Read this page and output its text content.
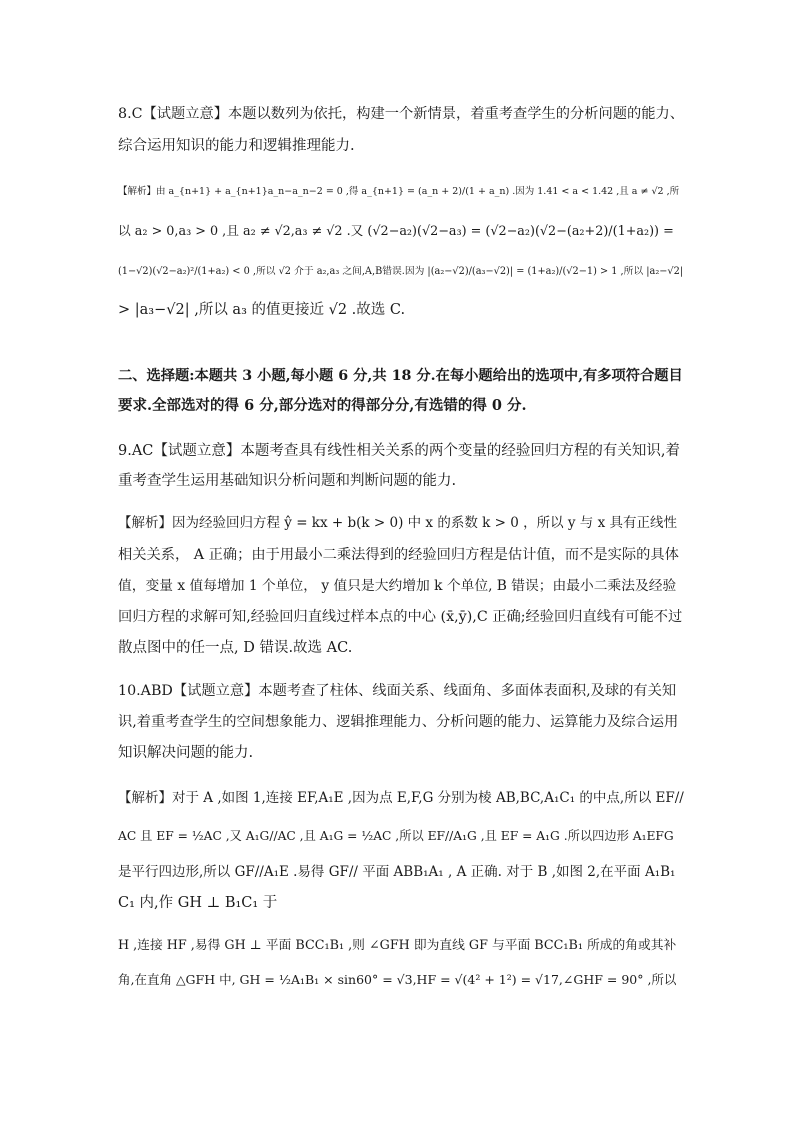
8.C【试题立意】本题以数列为依托，构建一个新情景，着重考查学生的分析问题的能力、
综合运用知识的能力和逻辑推理能力.
【解析】由 a_{n+1} + a_{n+1}a_n−a_n−2 = 0 ,得 a_{n+1} = (a_n + 2)/(1 + a_n) .因为 1.41 < a < 1.42 ,且 a ≠ √2 ,所
以 a₂ > 0,a₃ > 0 ,且 a₂ ≠ √2,a₃ ≠ √2 .又 (√2−a₂)(√2−a₃) = (√2−a₂)(√2−(a₂+2)/(1+a₂)) =
(1−√2)(√2−a₂)²/(1+a₂) < 0 ,所以 √2 介于 a₂,a₃ 之间,A,B错误.因为 |(a₂−√2)/(a₃−√2)| = (1+a₂)/(√2−1) > 1 ,所以 |a₂−√2|
> |a₃−√2| ,所以 a₃ 的值更接近 √2 .故选 C.
二、选择题:本题共 3 小题,每小题 6 分,共 18 分.在每小题给出的选项中,有多项符合题目
要求.全部选对的得 6 分,部分选对的得部分分,有选错的得 0 分.
9.AC【试题立意】本题考查具有线性相关关系的两个变量的经验回归方程的有关知识,着
重考查学生运用基础知识分析问题和判断问题的能力.
【解析】因为经验回归方程 ŷ = kx + b(k > 0) 中 x 的系数 k > 0 ，所以 y 与 x 具有正线性
相关关系， A 正确；由于用最小二乘法得到的经验回归方程是估计值，而不是实际的具体
值，变量 x 值每增加 1 个单位， y 值只是大约增加 k 个单位, B 错误；由最小二乘法及经验
回归方程的求解可知,经验回归直线过样本点的中心 (x̄,ȳ),C 正确;经验回归直线有可能不过
散点图中的任一点, D 错误.故选 AC.
10.ABD【试题立意】本题考查了柱体、线面关系、线面角、多面体表面积,及球的有关知
识,着重考查学生的空间想象能力、逻辑推理能力、分析问题的能力、运算能力及综合运用
知识解决问题的能力.
【解析】对于 A ,如图 1,连接 EF,A₁E ,因为点 E,F,G 分别为棱 AB,BC,A₁C₁ 的中点,所以 EF//
AC 且 EF = ½AC ,又 A₁G//AC ,且 A₁G = ½AC ,所以 EF//A₁G ,且 EF = A₁G .所以四边形 A₁EFG
是平行四边形,所以 GF//A₁E .易得 GF// 平面 ABB₁A₁ , A 正确. 对于 B ,如图 2,在平面 A₁B₁
C₁ 内,作 GH ⊥ B₁C₁ 于
H ,连接 HF ,易得 GH ⊥ 平面 BCC₁B₁ ,则 ∠GFH 即为直线 GF 与平面 BCC₁B₁ 所成的角或其补
角,在直角 △GFH 中, GH = ½A₁B₁ × sin60° = √3,HF = √(4² + 1²) = √17,∠GHF = 90° ,所以
